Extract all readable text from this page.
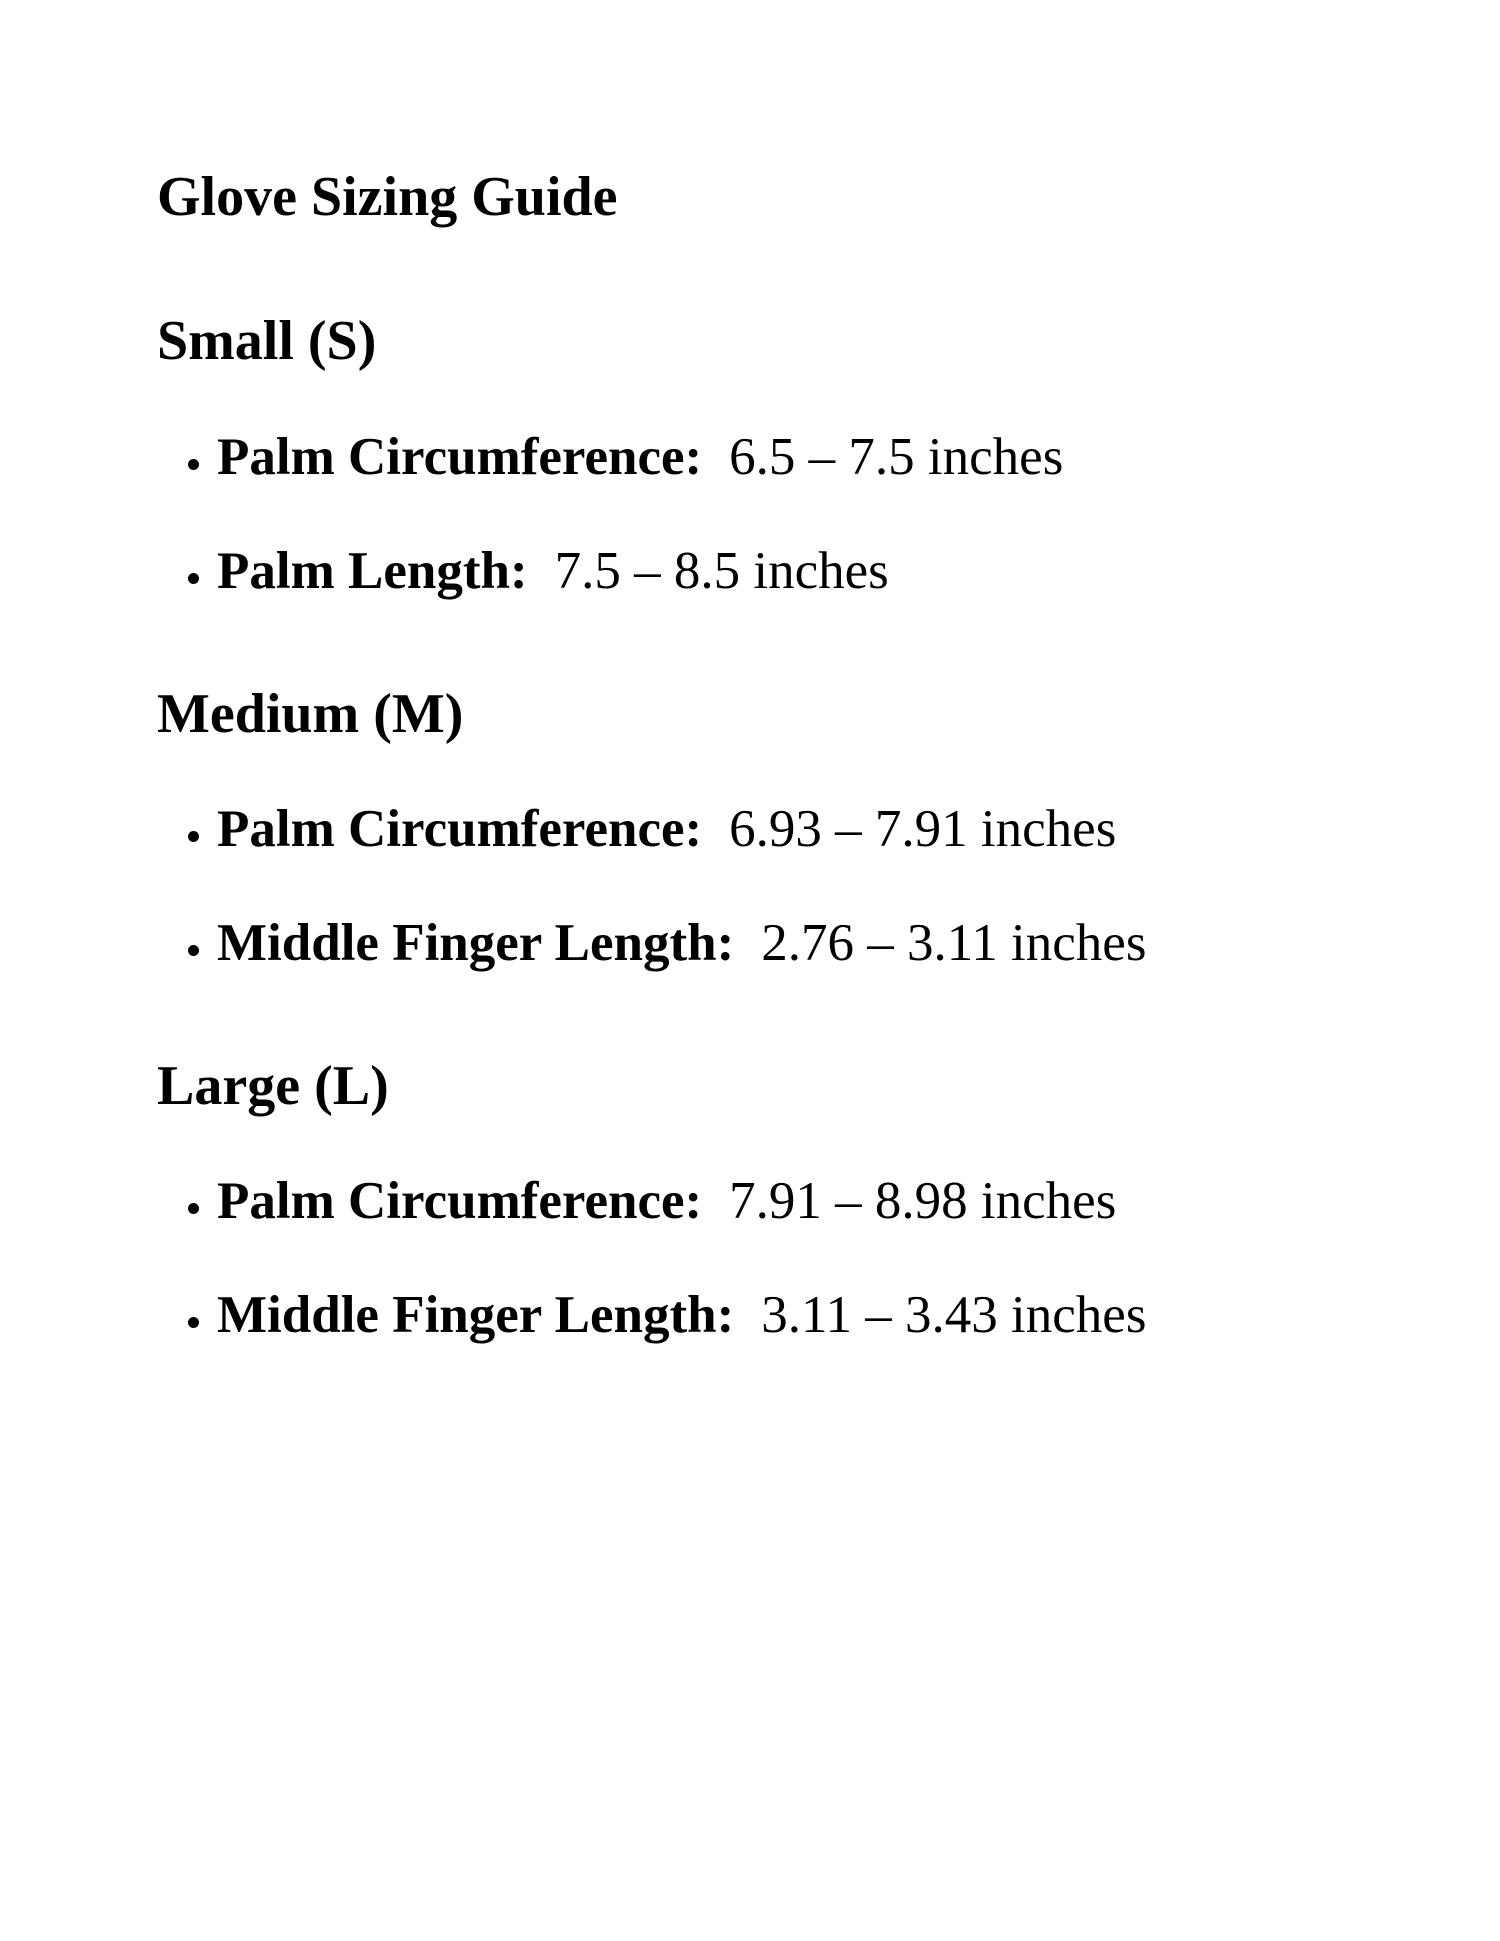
Glove Sizing Guide
Small (S)
Palm Circumference: 6.5 – 7.5 inches
Palm Length: 7.5 – 8.5 inches
Medium (M)
Palm Circumference: 6.93 – 7.91 inches
Middle Finger Length: 2.76 – 3.11 inches
Large (L)
Palm Circumference: 7.91 – 8.98 inches
Middle Finger Length: 3.11 – 3.43 inches
